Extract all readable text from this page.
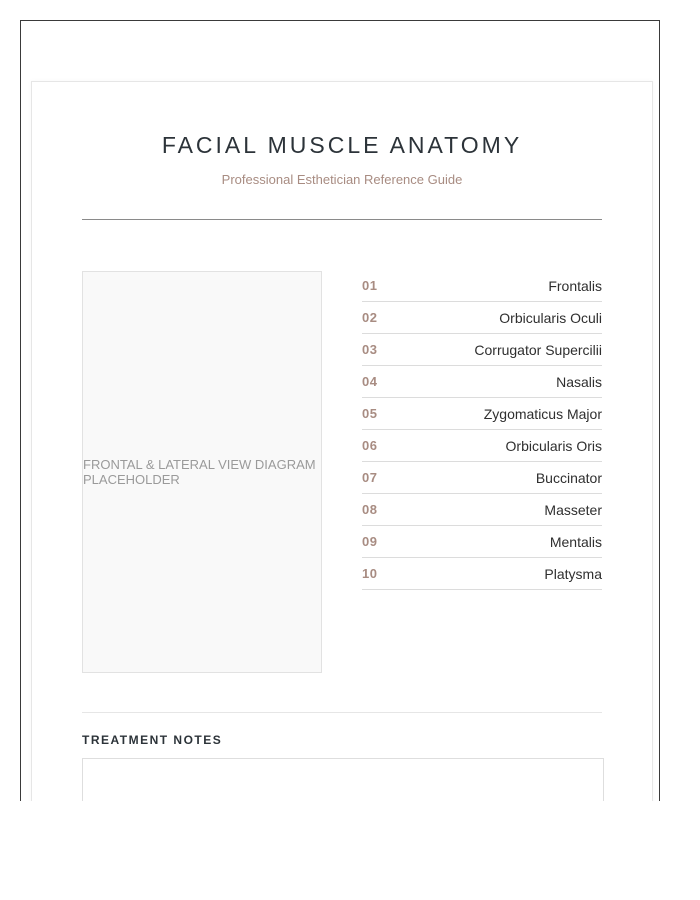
FACIAL MUSCLE ANATOMY

Professional Esthetician Reference Guide

FRONTAL & LATERAL VIEW DIAGRAM PLACEHOLDER
01	Frontalis
02	Orbicularis Oculi
03	Corrugator Supercilii
04	Nasalis
05	Zygomaticus Major
06	Orbicularis Oris
07	Buccinator
08	Masseter
09	Mentalis
10	Platysma
TREATMENT NOTES
